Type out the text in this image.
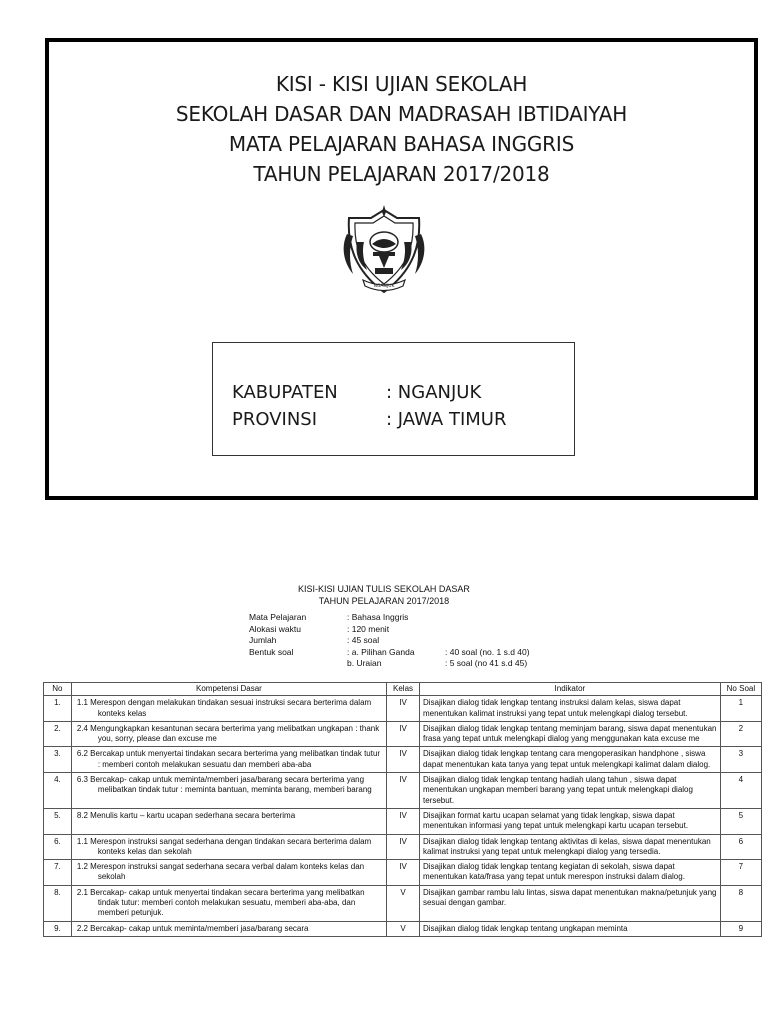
KISI - KISI UJIAN SEKOLAH
SEKOLAH DASAR DAN MADRASAH IBTIDAIYAH
MATA PELAJARAN BAHASA INGGRIS
TAHUN PELAJARAN 2017/2018
NGANJUK
KABUPATEN	: NGANJUK
PROVINSI	: JAWA TIMUR
KISI-KISI UJIAN TULIS SEKOLAH DASAR
TAHUN PELAJARAN 2017/2018
Mata Pelajaran	: Bahasa Inggris
Alokasi waktu	: 120 menit
Jumlah	: 45 soal
Bentuk soal	: a. Pilihan Ganda	: 40 soal (no. 1 s.d 40)
b. Uraian	: 5 soal (no 41 s.d 45)
No	Kompetensi Dasar	Kelas	Indikator	No Soal
1.	1.1 Merespon dengan melakukan tindakan sesuai instruksi secara berterima dalam konteks kelas	IV	Disajikan dialog tidak lengkap tentang instruksi dalam kelas, siswa dapat menentukan kalimat instruksi yang tepat untuk melengkapi dialog tersebut.	1
2.	2.4 Mengungkapkan kesantunan secara berterima yang melibatkan ungkapan : thank you, sorry, please dan excuse me	IV	Disajikan dialog tidak lengkap tentang meminjam barang, siswa dapat menentukan frasa yang tepat untuk melengkapi dialog yang menggunakan kata excuse me	2
3.	6.2 Bercakap untuk menyertai tindakan secara berterima yang melibatkan tindak tutur : memberi contoh melakukan sesuatu dan memberi aba-aba	IV	Disajikan dialog tidak lengkap tentang cara mengoperasikan handphone , siswa dapat menentukan kata tanya yang tepat untuk melengkapi kalimat dalam dialog.	3
4.	6.3 Bercakap- cakap untuk meminta/memberi jasa/barang secara berterima yang melibatkan tindak tutur : meminta bantuan, meminta barang, memberi barang	IV	Disajikan dialog tidak lengkap tentang hadiah ulang tahun , siswa dapat menentukan ungkapan memberi barang yang tepat untuk melengkapi dialog tersebut.	4
5.	8.2 Menulis kartu – kartu ucapan sederhana secara berterima	IV	Disajikan format kartu ucapan selamat yang tidak lengkap, siswa dapat menentukan informasi yang tepat untuk melengkapi kartu ucapan tersebut.	5
6.	1.1 Merespon instruksi sangat sederhana dengan tindakan secara berterima dalam konteks kelas dan sekolah	IV	Disajikan dialog tidak lengkap tentang aktivitas di kelas, siswa dapat menentukan kalimat instruksi yang tepat untuk melengkapi dialog yang tersedia.	6
7.	1.2 Merespon instruksi sangat sederhana secara verbal dalam konteks kelas dan sekolah	IV	Disajikan dialog tidak lengkap tentang kegiatan di sekolah, siswa dapat menentukan kata/frasa yang tepat untuk merespon instruksi dalam dialog.	7
8.	2.1 Bercakap- cakap untuk menyertai tindakan secara berterima yang melibatkan tindak tutur: memberi contoh melakukan sesuatu, memberi aba-aba, dan memberi petunjuk.	V	Disajikan gambar rambu lalu lintas, siswa dapat menentukan makna/petunjuk yang sesuai dengan gambar.	8
9.	2.2 Bercakap- cakap untuk meminta/memberi jasa/barang secara	V	Disajikan dialog tidak lengkap tentang ungkapan meminta	9
